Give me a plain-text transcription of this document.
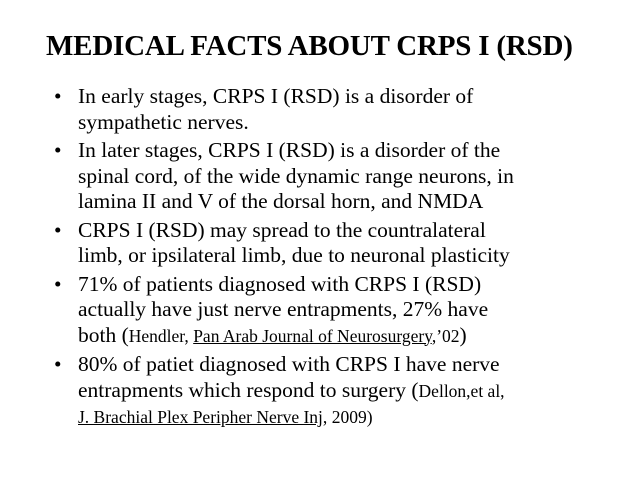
MEDICAL FACTS ABOUT CRPS I (RSD)
• In early stages, CRPS I (RSD) is a disorder of
sympathetic nerves.
• In later stages, CRPS I (RSD) is a disorder of the
spinal cord, of the wide dynamic range neurons, in
lamina II and V of the dorsal horn, and NMDA
• CRPS I (RSD) may spread to the countralateral
limb, or ipsilateral limb, due to neuronal plasticity
• 71% of patients diagnosed with CRPS I (RSD)
actually have just nerve entrapments, 27% have
both (Hendler, Pan Arab Journal of Neurosurgery,’02)
• 80% of patiet diagnosed with CRPS I have nerve
entrapments which respond to surgery (Dellon,et al,
J. Brachial Plex Peripher Nerve Inj, 2009)
